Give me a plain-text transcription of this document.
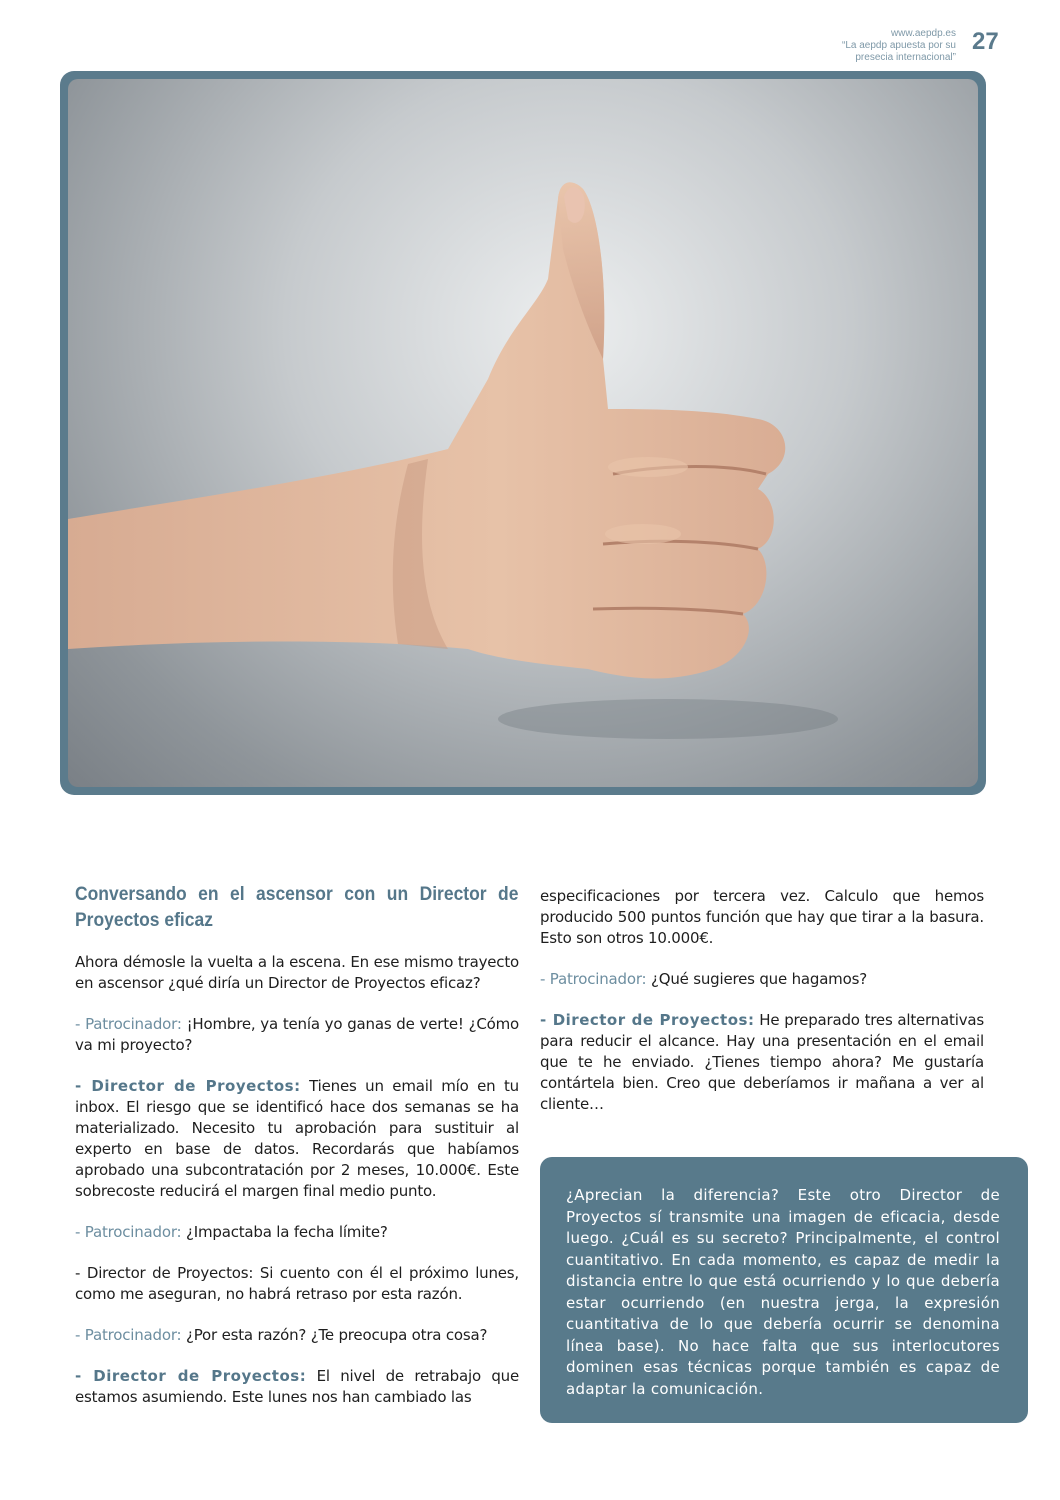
www.aepdp.es
“La aepdp apuesta por su
presecia internacional”
27
Conversando en el ascensor con un Director de Proyectos eficaz

Ahora démosle la vuelta a la escena. En ese mismo trayecto en ascensor ¿qué diría un Director de Proyectos eficaz?

- Patrocinador: ¡Hombre, ya tenía yo ganas de verte! ¿Cómo va mi proyecto?

- Director de Proyectos: Tienes un email mío en tu inbox. El riesgo que se identificó hace dos semanas se ha materializado. Necesito tu aprobación para sustituir al experto en base de datos. Recordarás que habíamos aprobado una subcontratación por 2 meses, 10.000€. Este sobrecoste reducirá el margen final medio punto.

- Patrocinador: ¿Impactaba la fecha límite?

- Director de Proyectos: Si cuento con él el próximo lunes, como me aseguran, no habrá retraso por esta razón.

- Patrocinador: ¿Por esta razón? ¿Te preocupa otra cosa?

- Director de Proyectos: El nivel de retrabajo que estamos asumiendo. Este lunes nos han cambiado las

especificaciones por tercera vez. Calculo que hemos producido 500 puntos función que hay que tirar a la basura. Esto son otros 10.000€.

- Patrocinador: ¿Qué sugieres que hagamos?

- Director de Proyectos: He preparado tres alternativas para reducir el alcance. Hay una presentación en el email que te he enviado. ¿Tienes tiempo ahora? Me gustaría contártela bien. Creo que deberíamos ir mañana a ver al cliente…

¿Aprecian la diferencia? Este otro Director de Proyectos sí transmite una imagen de eficacia, desde luego. ¿Cuál es su secreto? Principalmente, el control cuantitativo. En cada momento, es capaz de medir la distancia entre lo que está ocurriendo y lo que debería estar ocurriendo (en nuestra jerga, la expresión cuantitativa de lo que debería ocurrir se denomina línea base). No hace falta que sus interlocutores dominen esas técnicas porque también es capaz de adaptar la comunicación.
